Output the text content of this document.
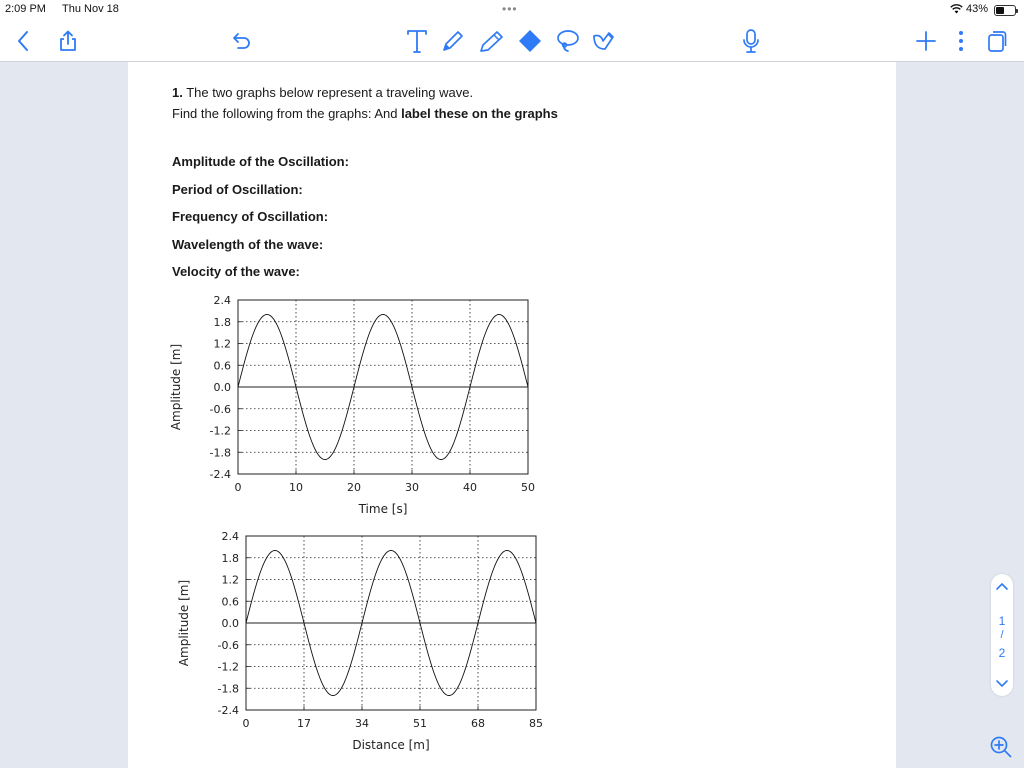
2:09 PM Thu Nov 18	•••	43%
1. The two graphs below represent a traveling wave.
Find the following from the graphs: And label these on the graphs
Amplitude of the Oscillation:
Period of Oscillation:
Frequency of Oscillation:
Wavelength of the wave:
Velocity of the wave:
0	10	20	30	40	50
2.4
1.8
1.2
0.6
0.0
-0.6
-1.2
-1.8
-2.4
Time [s]
Amplitude [m]
0	17	34	51	68	85
2.4
1.8
1.2
0.6
0.0
-0.6
-1.2
-1.8
-2.4
Distance [m]
Amplitude [m]	1
/
2
